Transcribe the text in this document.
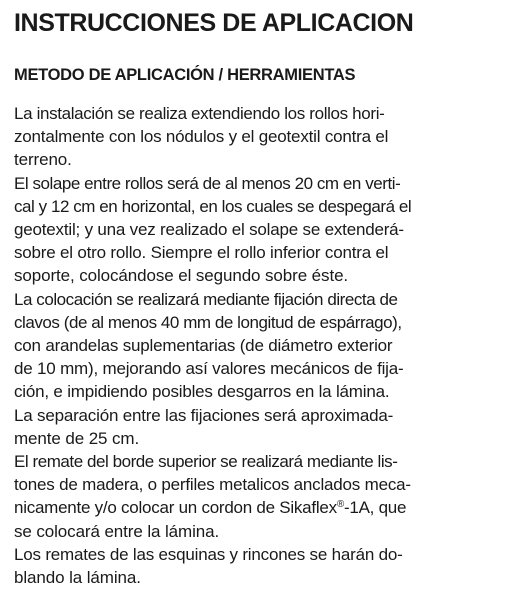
INSTRUCCIONES DE APLICACION
METODO DE APLICACIÓN / HERRAMIENTAS
La instalación se realiza extendiendo los rollos hori-
zontalmente con los nódulos y el geotextil contra el
terreno.
El solape entre rollos será de al menos 20 cm en verti-
cal y 12 cm en horizontal, en los cuales se despegará el
geotextil; y una vez realizado el solape se extenderá-
sobre el otro rollo. Siempre el rollo inferior contra el
soporte, colocándose el segundo sobre éste.
La colocación se realizará mediante fijación directa de
clavos (de al menos 40 mm de longitud de espárrago),
con arandelas suplementarias (de diámetro exterior
de 10 mm), mejorando así valores mecánicos de fija-
ción, e impidiendo posibles desgarros en la lámina.
La separación entre las fijaciones será aproximada-
mente de 25 cm.
El remate del borde superior se realizará mediante lis-
tones de madera, o perfiles metalicos anclados meca-
nicamente y/o colocar un cordon de Sikaflex®-1A, que
se colocará entre la lámina.
Los remates de las esquinas y rincones se harán do-
blando la lámina.
